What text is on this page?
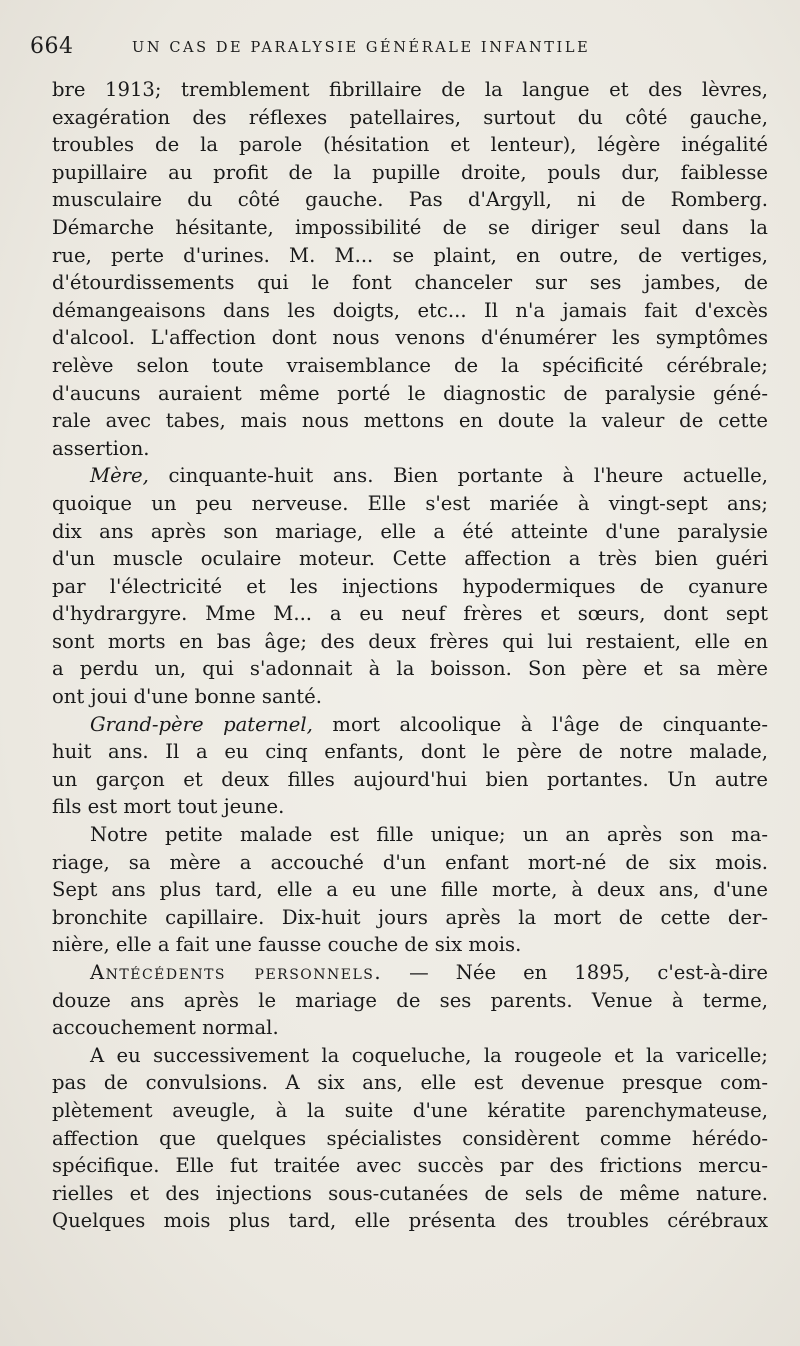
664	UN CAS DE PARALYSIE GÉNÉRALE INFANTILE

bre 1913; tremblement fibrillaire de la langue et des lèvres,
exagération des réflexes patellaires, surtout du côté gauche,
troubles de la parole (hésitation et lenteur), légère inégalité
pupillaire au profit de la pupille droite, pouls dur, faiblesse
musculaire du côté gauche. Pas d'Argyll, ni de Romberg.
Démarche hésitante, impossibilité de se diriger seul dans la
rue, perte d'urines. M. M... se plaint, en outre, de vertiges,
d'étourdissements qui le font chanceler sur ses jambes, de
démangeaisons dans les doigts, etc... Il n'a jamais fait d'excès
d'alcool. L'affection dont nous venons d'énumérer les symptômes
relève selon toute vraisemblance de la spécificité cérébrale;
d'aucuns auraient même porté le diagnostic de paralysie géné-
rale avec tabes, mais nous mettons en doute la valeur de cette
assertion.

Mère, cinquante-huit ans. Bien portante à l'heure actuelle,
quoique un peu nerveuse. Elle s'est mariée à vingt-sept ans;
dix ans après son mariage, elle a été atteinte d'une paralysie
d'un muscle oculaire moteur. Cette affection a très bien guéri
par l'électricité et les injections hypodermiques de cyanure
d'hydrargyre. Mme M... a eu neuf frères et sœurs, dont sept
sont morts en bas âge; des deux frères qui lui restaient, elle en
a perdu un, qui s'adonnait à la boisson. Son père et sa mère
ont joui d'une bonne santé.

Grand-père paternel, mort alcoolique à l'âge de cinquante-
huit ans. Il a eu cinq enfants, dont le père de notre malade,
un garçon et deux filles aujourd'hui bien portantes. Un autre
fils est mort tout jeune.

Notre petite malade est fille unique; un an après son ma-
riage, sa mère a accouché d'un enfant mort-né de six mois.
Sept ans plus tard, elle a eu une fille morte, à deux ans, d'une
bronchite capillaire. Dix-huit jours après la mort de cette der-
nière, elle a fait une fausse couche de six mois.

Antécédents personnels. — Née en 1895, c'est-à-dire
douze ans après le mariage de ses parents. Venue à terme,
accouchement normal.

A eu successivement la coqueluche, la rougeole et la varicelle;
pas de convulsions. A six ans, elle est devenue presque com-
plètement aveugle, à la suite d'une kératite parenchymateuse,
affection que quelques spécialistes considèrent comme hérédo-
spécifique. Elle fut traitée avec succès par des frictions mercu-
rielles et des injections sous-cutanées de sels de même nature.
Quelques mois plus tard, elle présenta des troubles cérébraux
